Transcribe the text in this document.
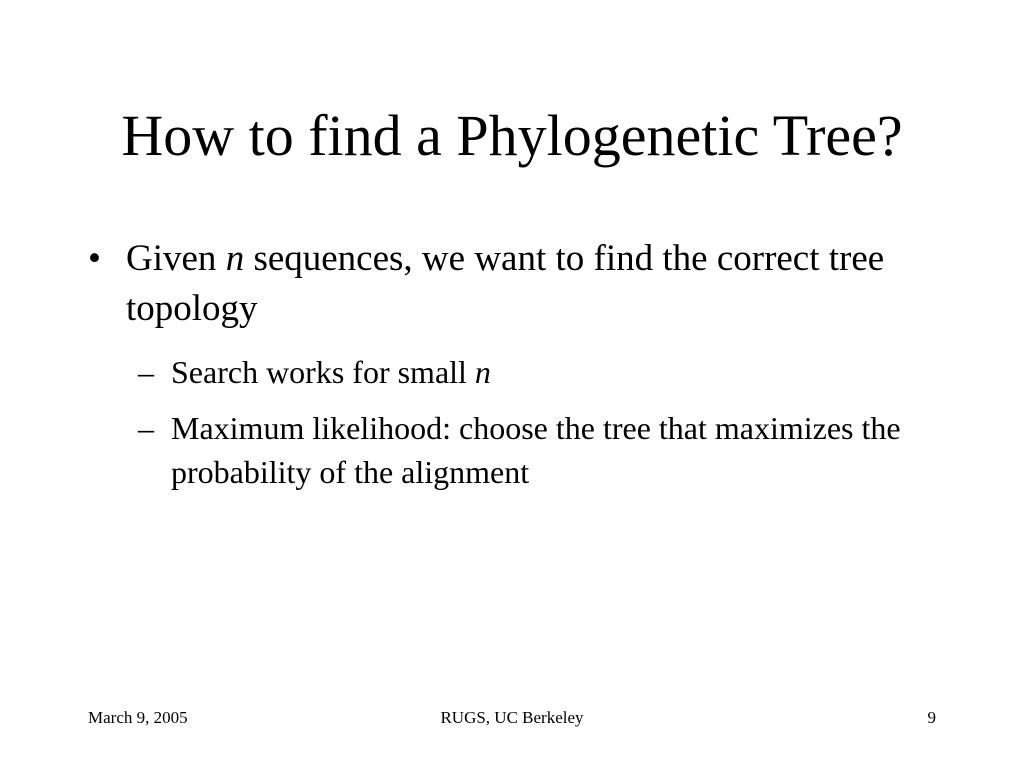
How to find a Phylogenetic Tree?
• Given n sequences, we want to find the correct tree topology
– Search works for small n
– Maximum likelihood: choose the tree that maximizes the probability of the alignment
March 9, 2005	RUGS, UC Berkeley	9
